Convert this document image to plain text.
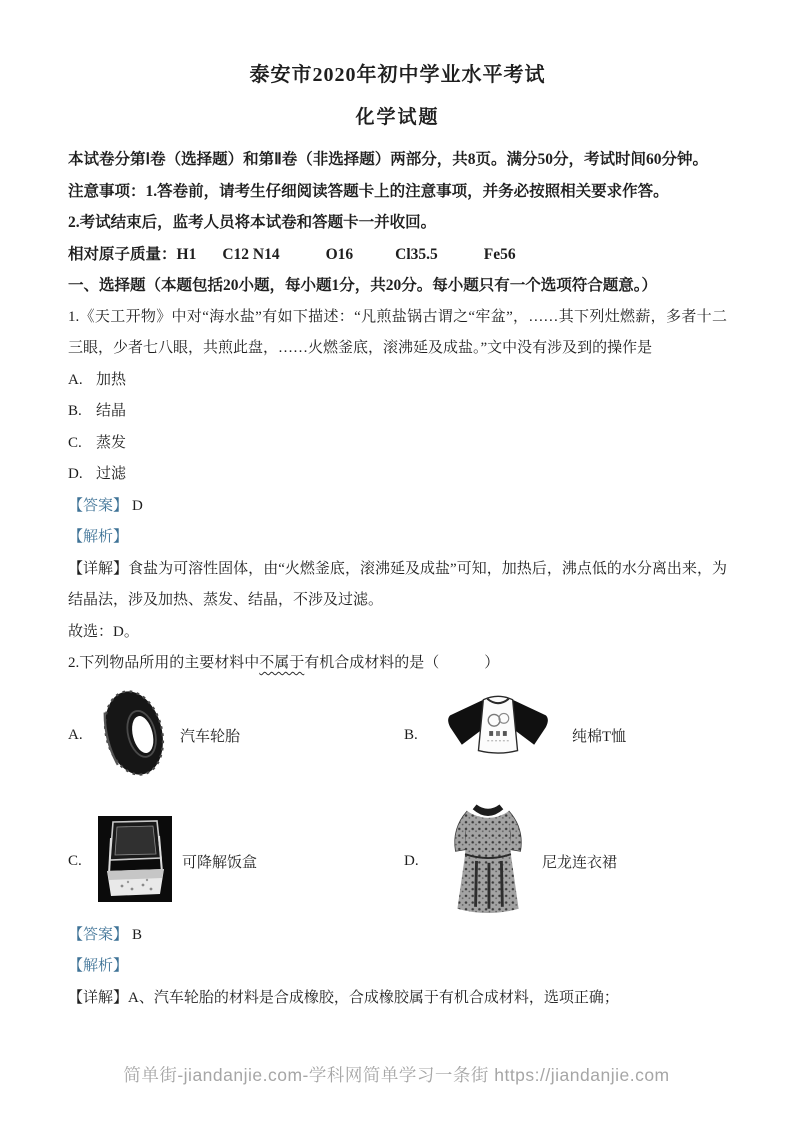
泰安市2020年初中学业水平考试
化学试题

本试卷分第Ⅰ卷（选择题）和第Ⅱ卷（非选择题）两部分，共8页。满分50分，考试时间60分钟。

注意事项：1.答卷前，请考生仔细阅读答题卡上的注意事项，并务必按照相关要求作答。

2.考试结束后，监考人员将本试卷和答题卡一并收回。

相对原子质量：H1 C12 N14	O16	Cl35.5	Fe56

一、选择题（本题包括20小题，每小题1分，共20分。每小题只有一个选项符合题意。）

1.《天工开物》中对“海水盐”有如下描述：“凡煎盐锅古谓之“牢盆”，……其下列灶燃薪，多者十二三眼，少者七八眼，共煎此盘，……火燃釜底，滚沸延及成盐。”文中没有涉及到的操作是

A. 加热

B. 结晶

C. 蒸发

D. 过滤

【答案】 D

【解析】

【详解】食盐为可溶性固体，由“火燃釜底，滚沸延及成盐”可知，加热后，沸点低的水分离出来，为结晶法，涉及加热、蒸发、结晶，不涉及过滤。

故选：D。

2.下列物品所用的主要材料中不属于有机合成材料的是（　　　）

A.	汽车轮胎	B.	纯棉T恤
C.	可降解饭盒	D.	尼龙连衣裙

【答案】 B

【解析】

【详解】A、汽车轮胎的材料是合成橡胶，合成橡胶属于有机合成材料，选项正确；

简单街-jiandanjie.com-学科网简单学习一条街 https://jiandanjie.com
